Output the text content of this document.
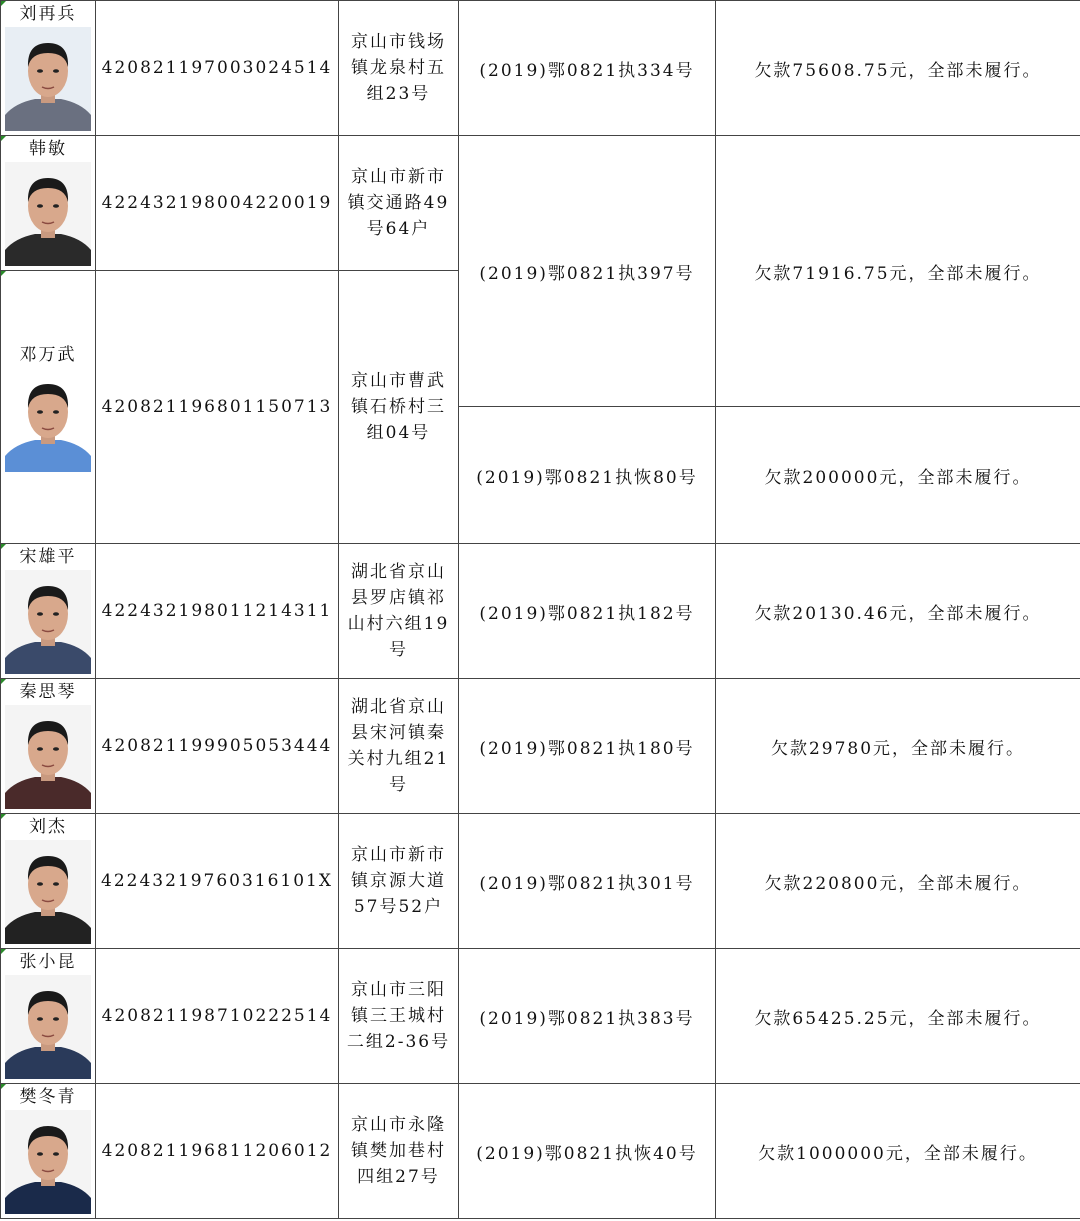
刘再兵	420821197003024514	京山市钱场镇龙泉村五组23号	(2019)鄂0821执334号	欠款75608.75元，全部未履行。

韩敏	422432198004220019	京山市新市镇交通路49号64户	(2019)鄂0821执397号	欠款71916.75元，全部未履行。

邓万武	420821196801150713	京山市曹武镇石桥村三组04号		
			(2019)鄂0821执恢80号	欠款200000元，全部未履行。

宋雄平	422432198011214311	湖北省京山县罗店镇祁山村六组19号	(2019)鄂0821执182号	欠款20130.46元，全部未履行。

秦思琴	420821199905053444	湖北省京山县宋河镇秦关村九组21号	(2019)鄂0821执180号	欠款29780元，全部未履行。

刘杰	42243219760316101X	京山市新市镇京源大道57号52户	(2019)鄂0821执301号	欠款220800元，全部未履行。

张小昆	420821198710222514	京山市三阳镇三王城村二组2-36号	(2019)鄂0821执383号	欠款65425.25元，全部未履行。

樊冬青	420821196811206012	京山市永隆镇樊加巷村四组27号	(2019)鄂0821执恢40号	欠款1000000元，全部未履行。
